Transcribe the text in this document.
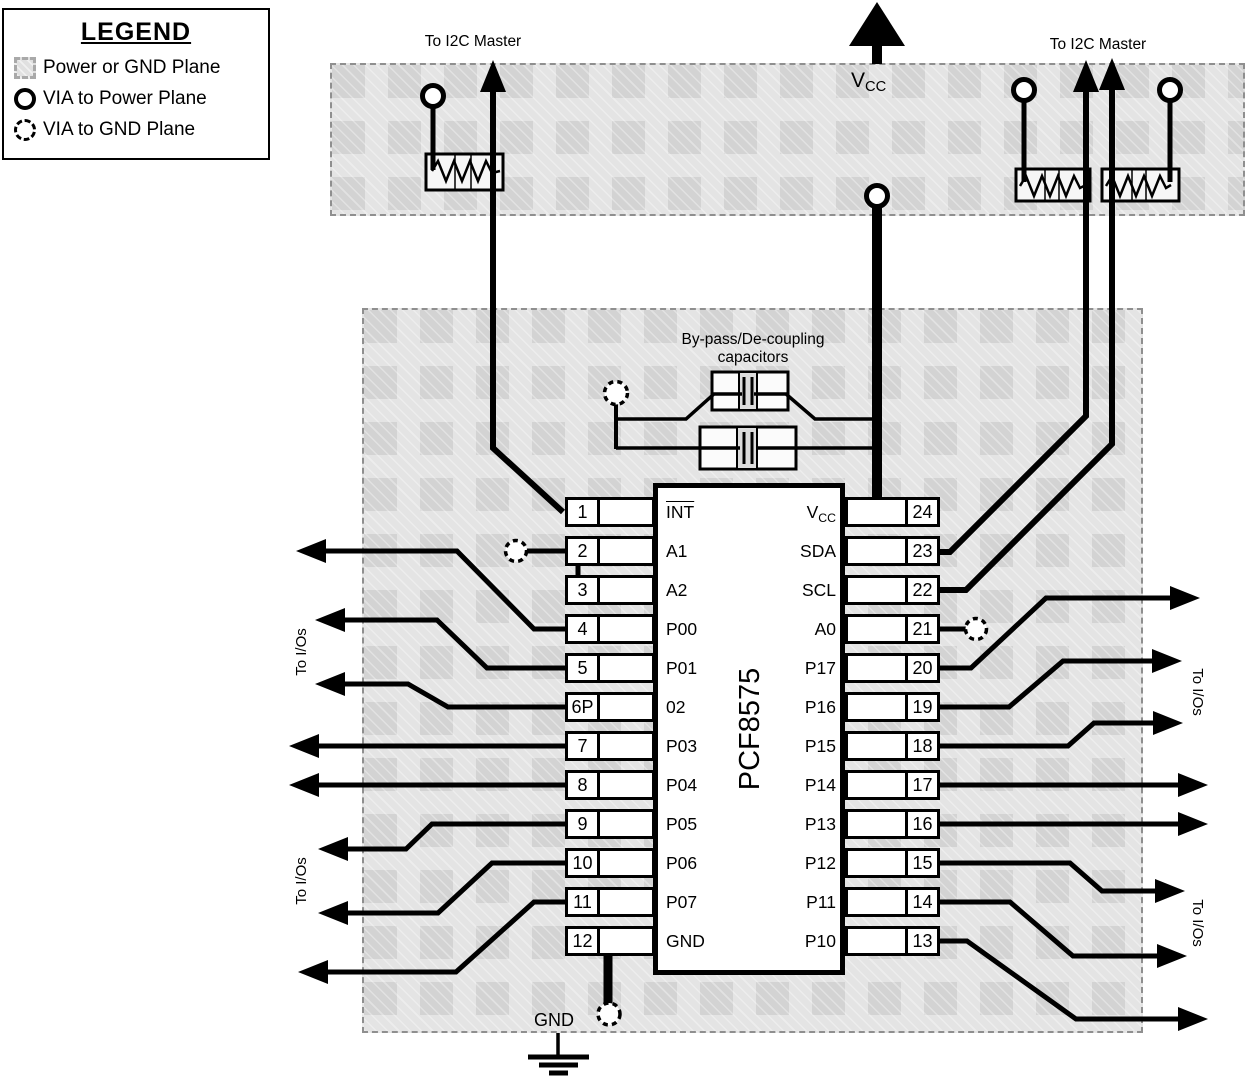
LEGEND
Power or GND Plane
VIA to Power Plane
VIA to GND Plane
PCF8575
$\overline{INT}$
A1
A2
P00
P01
02
P03
P04
P05
P06
P07
GND
$V_{CC}$
SDA
SCL
A0
P17
P16
P15
P14
P13
P12
P11
P10
1
2
3
4
5
6P
7
8
9
10
11
12
24
23
22
21
20
19
18
17
16
15
14
13
To I2C Master	To I2C Master
$V_{CC}$
By-pass/De-coupling
capacitors
GND
To I/Os
To I/Os
To I/Os
To I/Os
